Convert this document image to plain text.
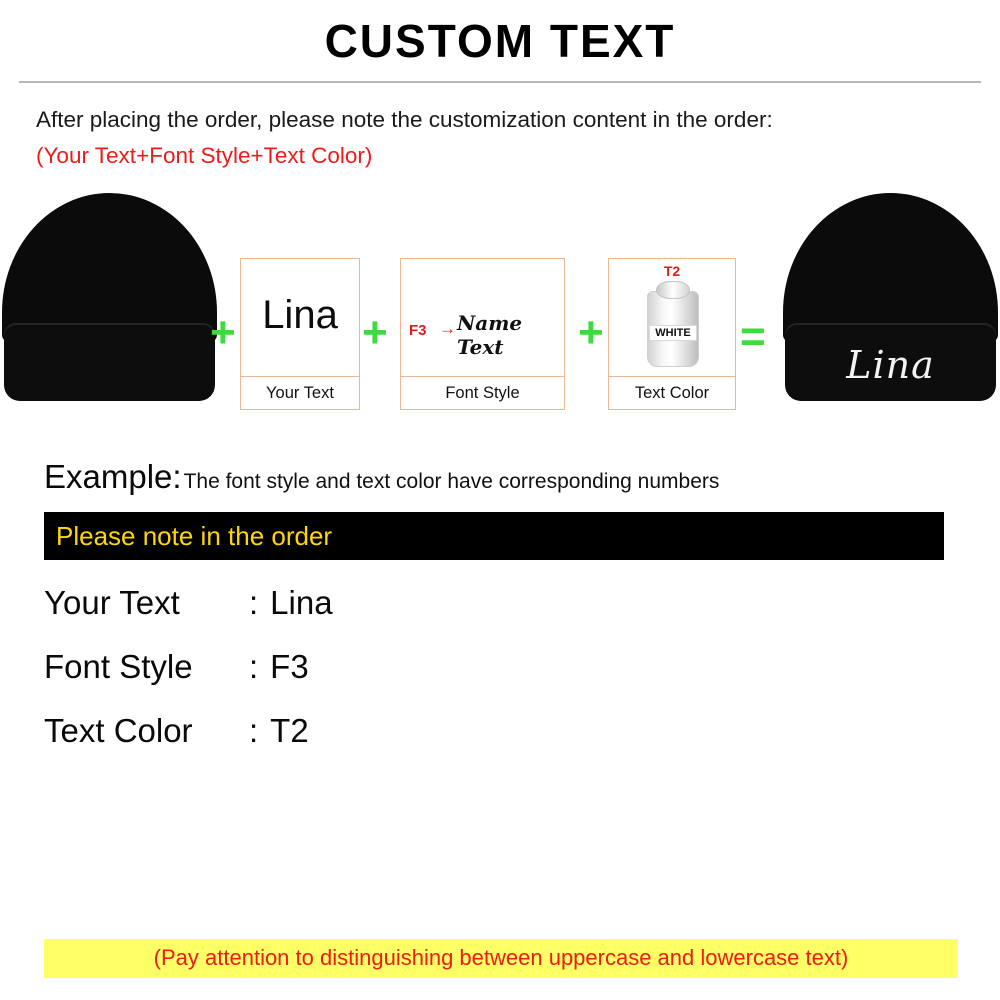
CUSTOM TEXT
After placing the order, please note the customization content in the order:
(Your Text+Font Style+Text Color)
+ Lina
Your Text
+ F3 → Name Text
Font Style
+
T2
WHITE
Text Color
=
Lina
Example: The font style and text color have corresponding numbers
Please note in the order
Your Text	: Lina
Font Style	: F3
Text Color	: T2
(Pay attention to distinguishing between uppercase and lowercase text)
